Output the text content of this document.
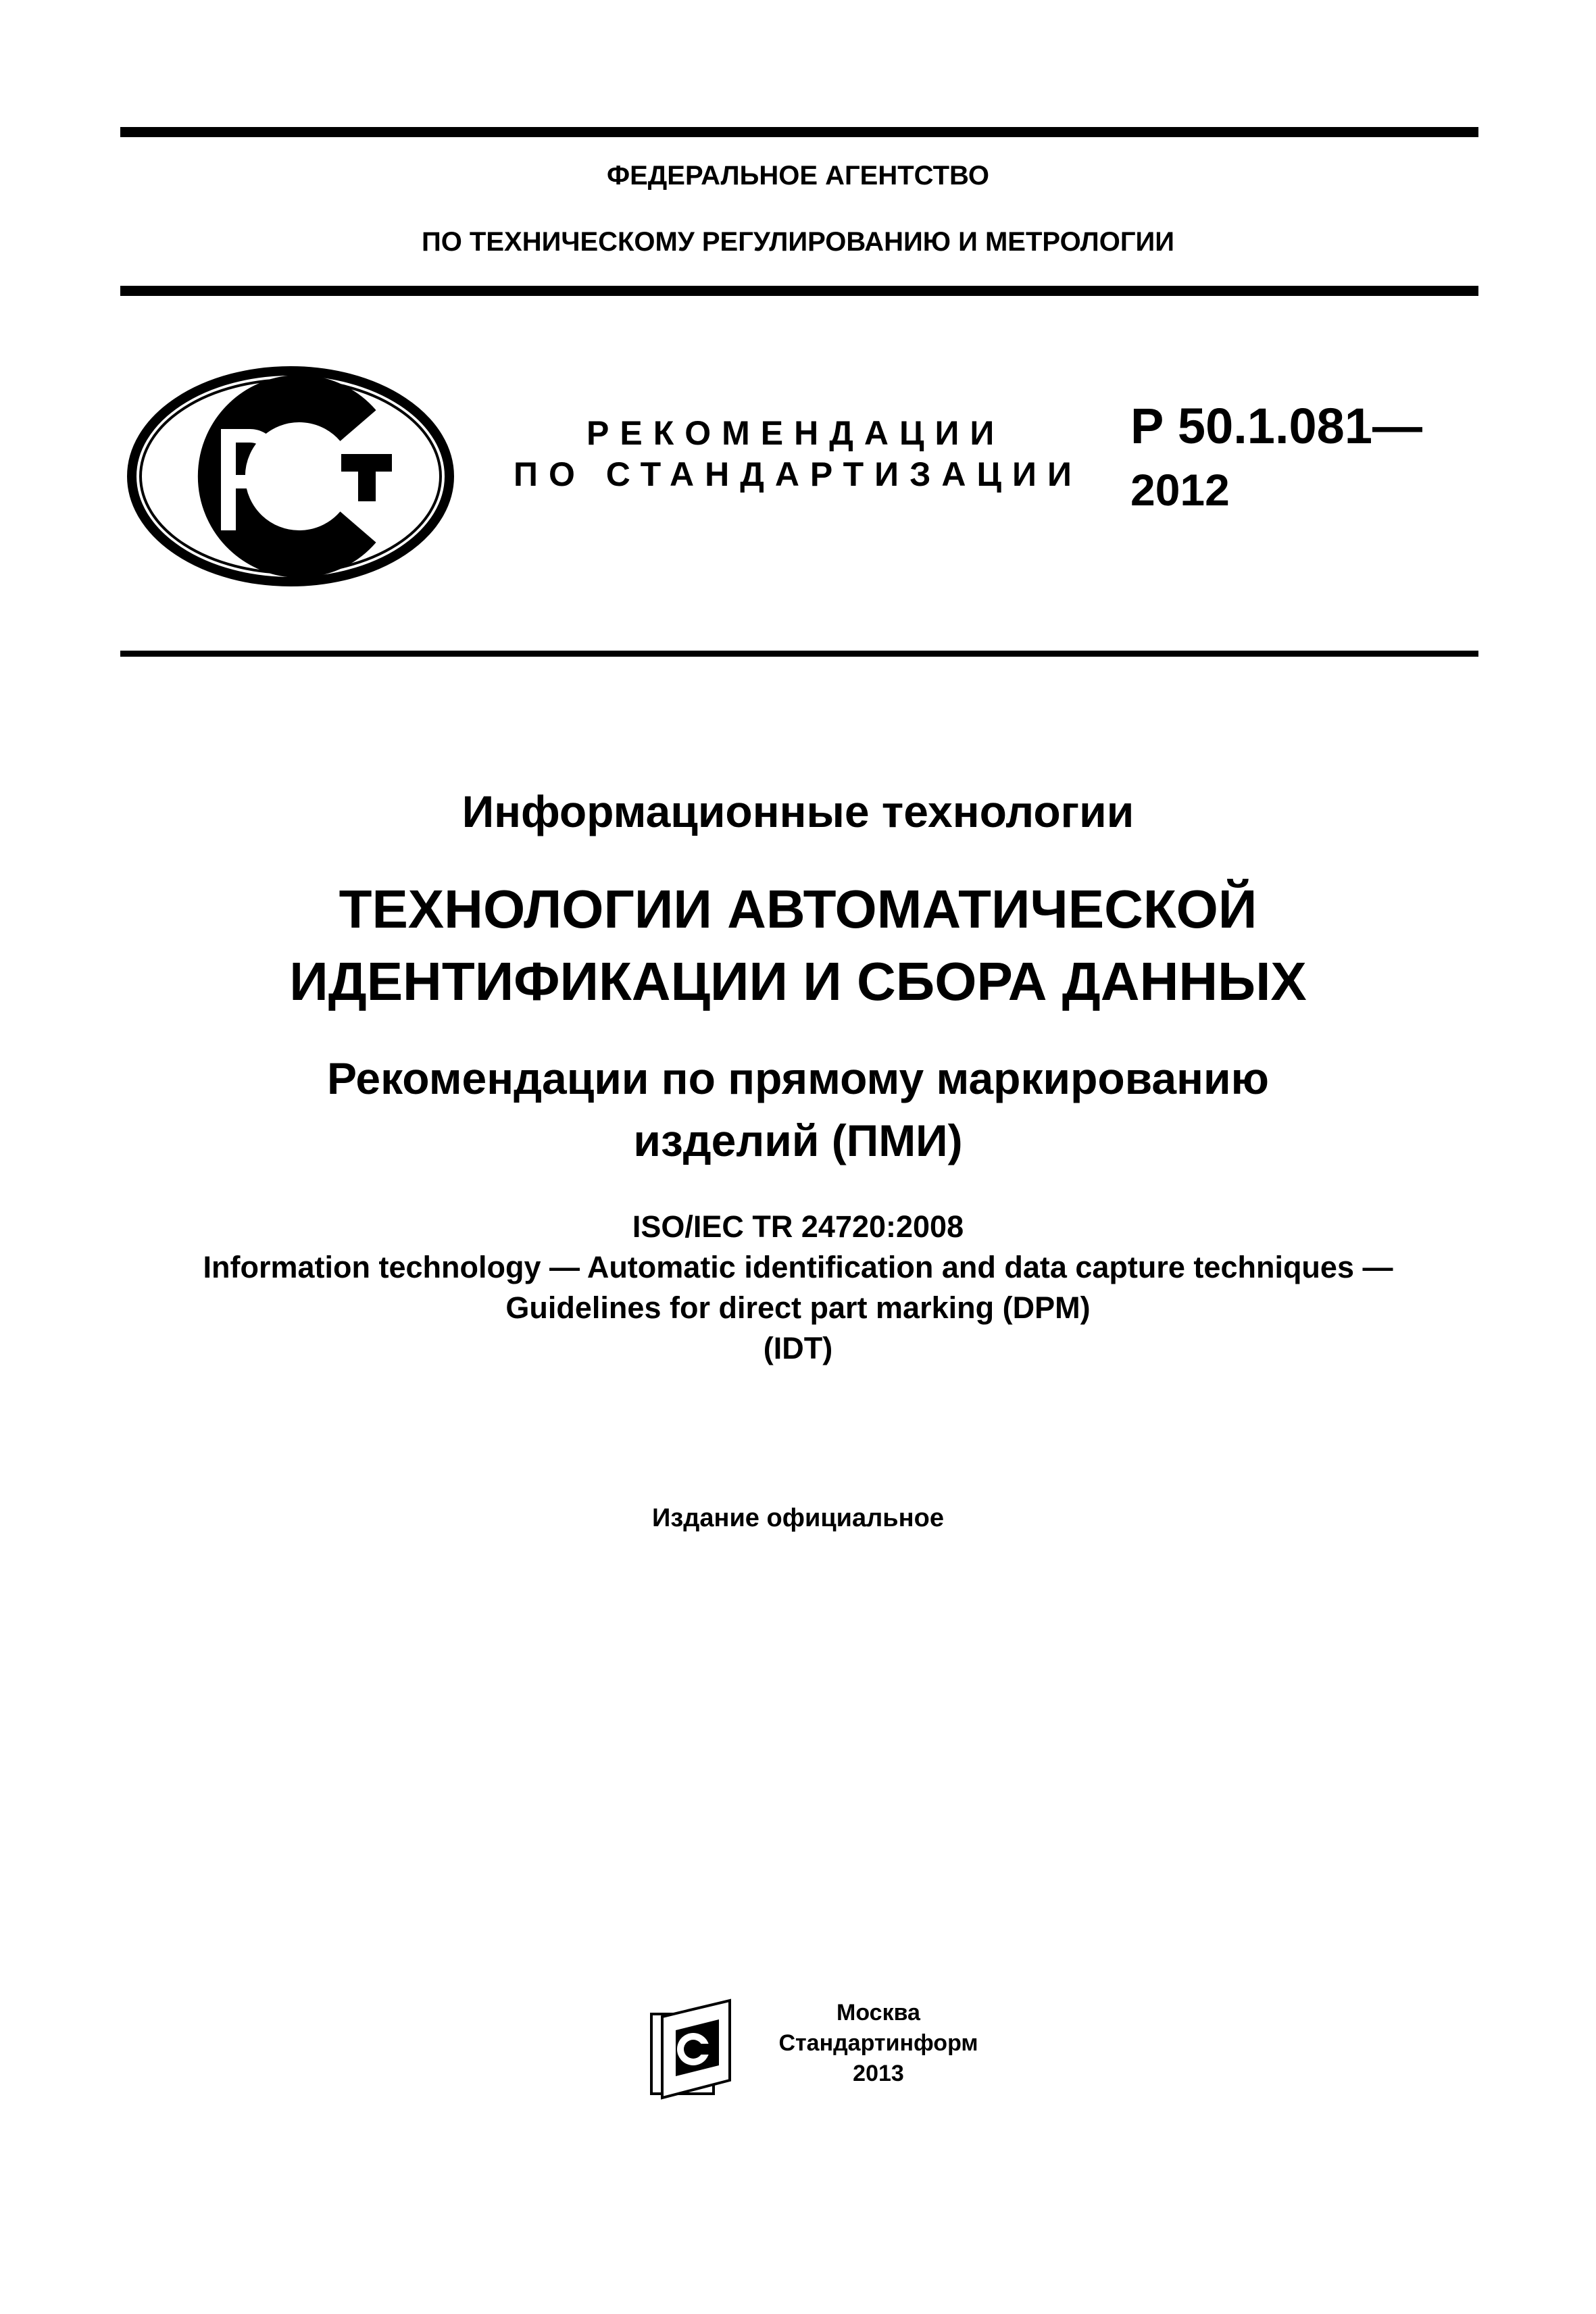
ФЕДЕРАЛЬНОЕ АГЕНТСТВО
ПО ТЕХНИЧЕСКОМУ РЕГУЛИРОВАНИЮ И МЕТРОЛОГИИ
РЕКОМЕНДАЦИИ
ПО СТАНДАРТИЗАЦИИ
Р 50.1.081—
2012
Информационные технологии
ТЕХНОЛОГИИ АВТОМАТИЧЕСКОЙ
ИДЕНТИФИКАЦИИ И СБОРА ДАННЫХ
Рекомендации по прямому маркированию
изделий (ПМИ)
ISO/IEC TR 24720:2008
Information technology — Automatic identification and data capture techniques —
Guidelines for direct part marking (DPM)
(IDT)
Издание официальное
Москва
Стандартинформ
2013
